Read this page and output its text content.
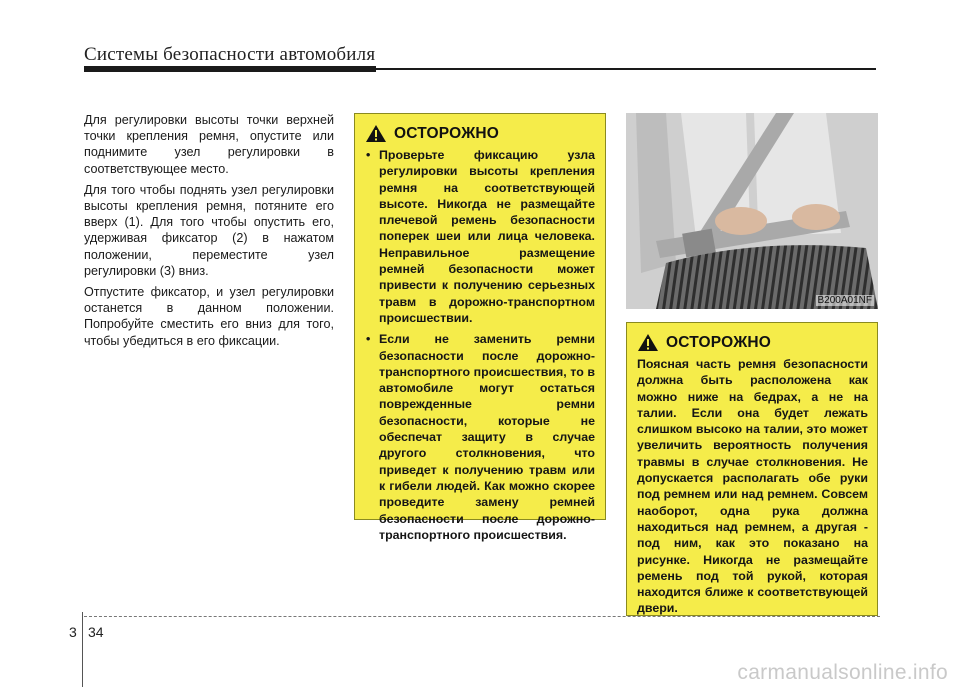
Системы безопасности автомобиля

Для регулировки высоты точки верхней точки крепления ремня, опустите или поднимите узел регулировки в соответствующее место.

Для того чтобы поднять узел регулировки высоты крепления ремня, потяните его вверх (1). Для того чтобы опустить его, удерживая фиксатор (2) в нажатом положении, переместите узел регулировки (3) вниз.

Отпустите фиксатор, и узел регулировки останется в данном положении. Попробуйте сместить его вниз для того, чтобы убедиться в его фиксации.

ОСТОРОЖНО
• Проверьте фиксацию узла регулировки высоты крепления ремня на соответствующей высоте. Никогда не размещайте плечевой ремень безопасности поперек шеи или лица человека. Неправильное размещение ремней безопасности может привести к получению серьезных травм в дорожно-транспортном происшествии.
• Если не заменить ремни безопасности после дорожно-транспортного происшествия, то в автомобиле могут остаться поврежденные ремни безопасности, которые не обеспечат защиту в случае другого столкновения, что приведет к получению травм или к гибели людей. Как можно скорее проведите замену ремней безопасности после дорожно-транспортного происшествия.
B200A01NF
ОСТОРОЖНО

Поясная часть ремня безопасности должна быть расположена как можно ниже на бедрах, а не на талии. Если она будет лежать слишком высоко на талии, это может увеличить вероятность получения травмы в случае столкновения. Не допускается располагать обе руки под ремнем или над ремнем. Совсем наоборот, одна рука должна находиться над ремнем, а другая - под ним, как это показано на рисунке. Никогда не размещайте ремень под той рукой, которая находится ближе к соответствующей двери.

3 34
carmanualsonline.info
